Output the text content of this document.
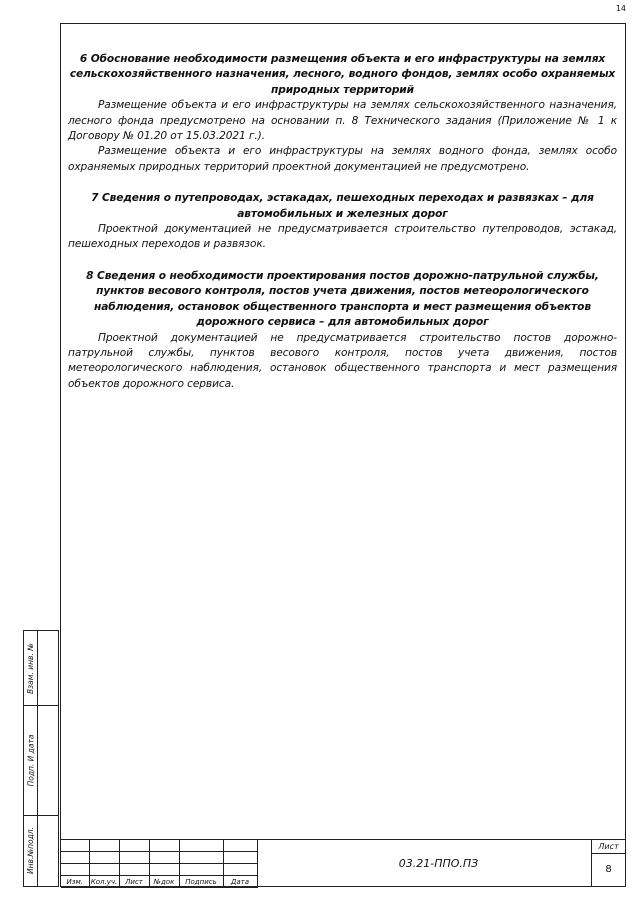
14

6 Обоснование необходимости размещения объекта и его инфраструктуры на землях сельскохозяйственного назначения, лесного, водного фондов, землях особо охраняемых природных территорий

Размещение объекта и его инфраструктуры на землях сельскохозяйственного назначения, лесного фонда предусмотрено на основании п. 8 Технического задания (Приложение № 1 к Договору № 01.20 от 15.03.2021 г.).

Размещение объекта и его инфраструктуры на землях водного фонда, землях особо охраняемых природных территорий проектной документацией не предусмотрено.

7 Сведения о путепроводах, эстакадах, пешеходных переходах и развязках – для автомобильных и железных дорог

Проектной документацией не предусматривается строительство путепроводов, эстакад, пешеходных переходов и развязок.

8 Сведения о необходимости проектирования постов дорожно-патрульной службы, пунктов весового контроля, постов учета движения, постов метеорологического наблюдения, остановок общественного транспорта и мест размещения объектов дорожного сервиса – для автомобильных дорог

Проектной документацией не предусматривается строительство постов дорожно-патрульной службы, пунктов весового контроля, постов учета движения, постов метеорологического наблюдения, остановок общественного транспорта и мест размещения объектов дорожного сервиса.

Взам. инв. №
Подп. И дата
Инв.№подл.

Изм.	Кол.уч.	Лист	№док	Подпись	Дата
03.21-ППО.ПЗ
Лист
8
